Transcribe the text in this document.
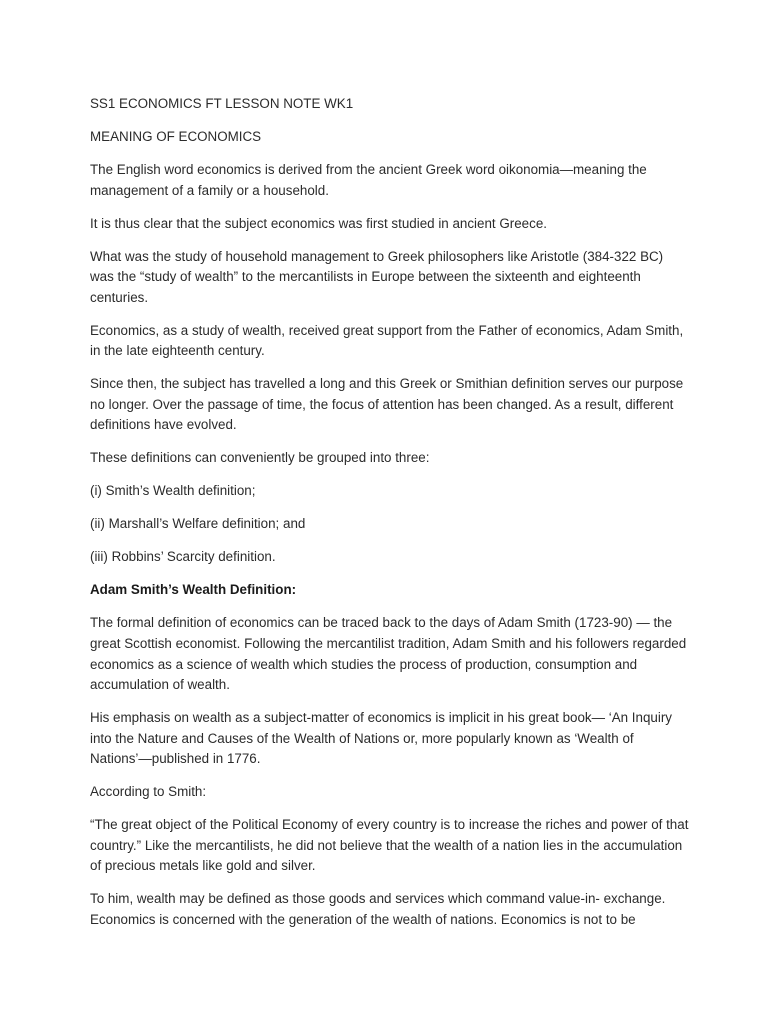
SS1 ECONOMICS FT LESSON NOTE WK1

MEANING OF ECONOMICS

The English word economics is derived from the ancient Greek word oikonomia—meaning the management of a family or a household.

It is thus clear that the subject economics was first studied in ancient Greece.

What was the study of household management to Greek philosophers like Aristotle (384-322 BC) was the “study of wealth” to the mercantilists in Europe between the sixteenth and eighteenth centuries.

Economics, as a study of wealth, received great support from the Father of economics, Adam Smith, in the late eighteenth century.

Since then, the subject has travelled a long and this Greek or Smithian definition serves our purpose no longer. Over the passage of time, the focus of attention has been changed. As a result, different definitions have evolved.

These definitions can conveniently be grouped into three:

(i) Smith’s Wealth definition;

(ii) Marshall’s Welfare definition; and

(iii) Robbins’ Scarcity definition.

Adam Smith’s Wealth Definition:

The formal definition of economics can be traced back to the days of Adam Smith (1723-90) — the great Scottish economist. Following the mercantilist tradition, Adam Smith and his followers regarded economics as a science of wealth which studies the process of production, consumption and accumulation of wealth.

His emphasis on wealth as a subject-matter of economics is implicit in his great book— ‘An Inquiry into the Nature and Causes of the Wealth of Nations or, more popularly known as ‘Wealth of Nations’—published in 1776.

According to Smith:

“The great object of the Political Economy of every country is to increase the riches and power of that country.” Like the mercantilists, he did not believe that the wealth of a nation lies in the accumulation of precious metals like gold and silver.

To him, wealth may be defined as those goods and services which command value-in- exchange. Economics is concerned with the generation of the wealth of nations. Economics is not to be
